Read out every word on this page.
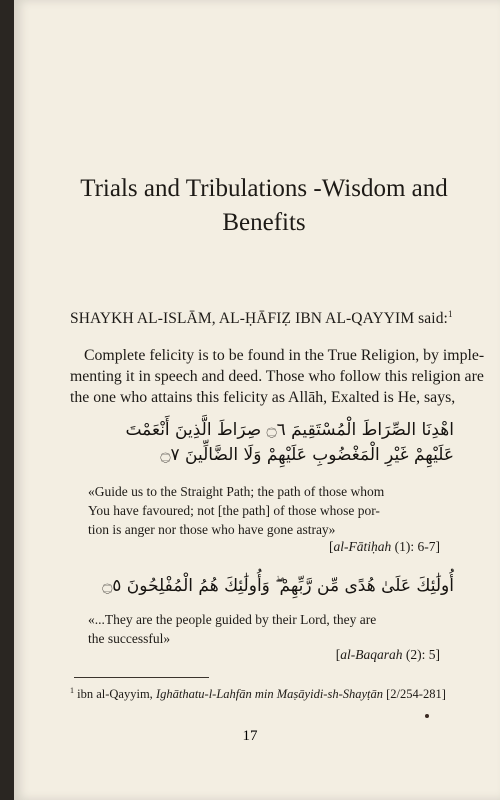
Trials and Tribulations -Wisdom and
Benefits

SHAYKH AL-ISLĀM, AL-ḤĀFIẒ IBN AL-QAYYIM said:$^1$

Complete felicity is to be found in the True Religion, by imple-
menting it in speech and deed. Those who follow this religion are
the one who attains this felicity as Allāh, Exalted is He, says,

اهْدِنَا الصِّرَاطَ الْمُسْتَقِيمَ ۝٦ صِرَاطَ الَّذِينَ أَنْعَمْتَ
عَلَيْهِمْ غَيْرِ الْمَغْضُوبِ عَلَيْهِمْ وَلَا الضَّالِّينَ ۝٧

«Guide us to the Straight Path; the path of those whom
You have favoured; not [the path] of those whose por-
tion is anger nor those who have gone astray»

[al-Fātiḥah (1): 6-7]

أُولَٰئِكَ عَلَىٰ هُدًى مِّن رَّبِّهِمْ ۖ وَأُولَٰئِكَ هُمُ الْمُفْلِحُونَ ۝٥

«...They are the people guided by their Lord, they are
the successful»

[al-Baqarah (2): 5]

$^1$ ibn al-Qayyim, Ighāthatu-l-Lahfān min Maṣāyidi-sh-Shayṭān [2/254-281]

17
